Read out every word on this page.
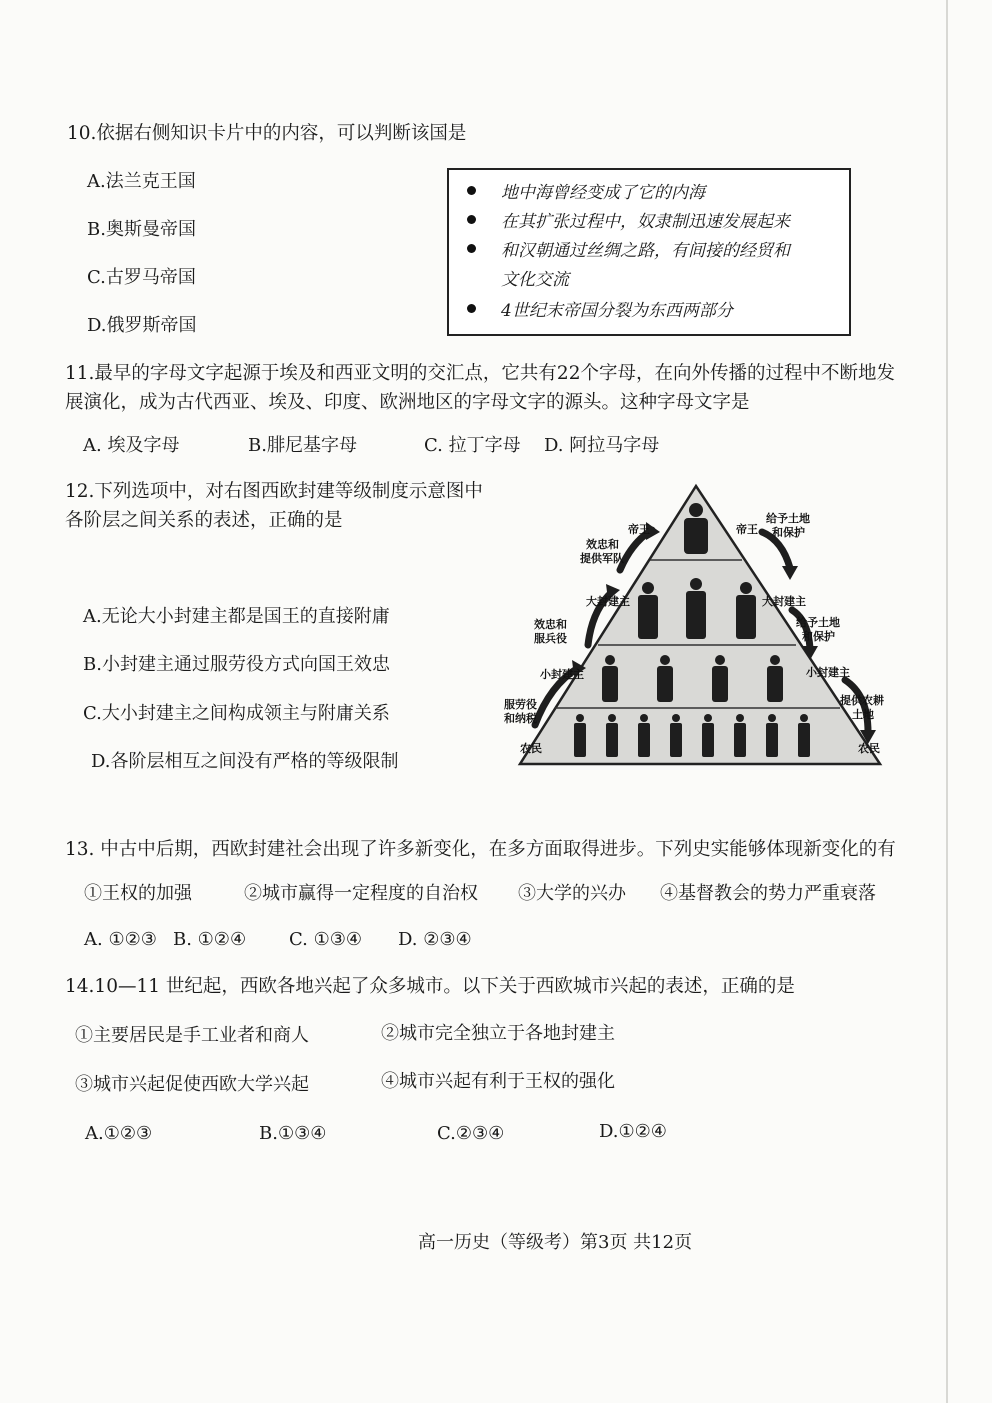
10.依据右侧知识卡片中的内容，可以判断该国是
A.法兰克王国
B.奥斯曼帝国
C.古罗马帝国
D.俄罗斯帝国
地中海曾经变成了它的内海
在其扩张过程中，奴隶制迅速发展起来
和汉朝通过丝绸之路，有间接的经贸和
文化交流
4世纪末帝国分裂为东西两部分
11.最早的字母文字起源于埃及和西亚文明的交汇点，它共有22个字母，在向外传播的过程中不断地发
展演化，成为古代西亚、埃及、印度、欧洲地区的字母文字的源头。这种字母文字是
A. 埃及字母	B.腓尼基字母	C. 拉丁字母 D. 阿拉马字母
12.下列选项中，对右图西欧封建等级制度示意图中
各阶层之间关系的表述，正确的是
A.无论大小封建主都是国王的直接附庸
B.小封建主通过服劳役方式向国王效忠
C.大小封建主之间构成领主与附庸关系
D.各阶层相互之间没有严格的等级限制
帝王	帝王
效忠和
提供军队
给予土地
和保护
大封建主	大封建主
效忠和
服兵役
给予土地
和保护
小封建主	小封建主
服劳役
和纳税
提供农耕
土地
农民	农民
13. 中古中后期，西欧封建社会出现了许多新变化，在多方面取得进步。下列史实能够体现新变化的有
①王权的加强	②城市赢得一定程度的自治权 ③大学的兴办 ④基督教会的势力严重衰落
A. ①②③ B. ①②④ C. ①③④ D. ②③④
14.10—11 世纪起，西欧各地兴起了众多城市。以下关于西欧城市兴起的表述，正确的是
①主要居民是手工业者和商人	②城市完全独立于各地封建主
③城市兴起促使西欧大学兴起	④城市兴起有利于王权的强化
A.①②③	B.①③④	C.②③④	D.①②④
高一历史（等级考）第3页 共12页
